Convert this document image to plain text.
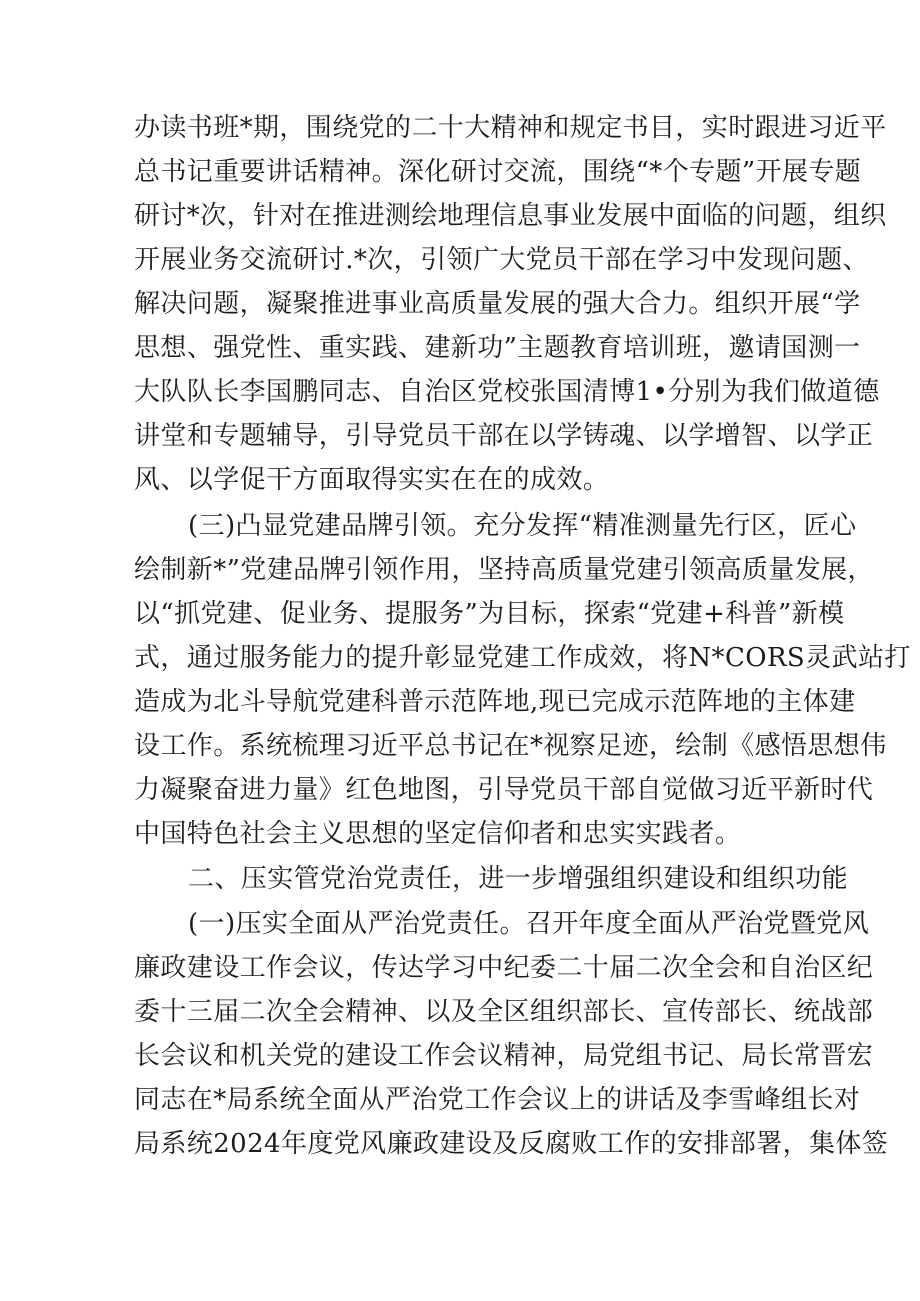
办读书班*期，围绕党的二十大精神和规定书目，实时跟进习近平
总书记重要讲话精神。深化研讨交流，围绕“*个专题”开展专题
研讨*次，针对在推进测绘地理信息事业发展中面临的问题，组织
开展业务交流研讨.*次，引领广大党员干部在学习中发现问题、
解决问题，凝聚推进事业高质量发展的强大合力。组织开展“学
思想、强党性、重实践、建新功”主题教育培训班，邀请国测一
大队队长李国鹏同志、自治区党校张国清博1•分别为我们做道德
讲堂和专题辅导，引导党员干部在以学铸魂、以学增智、以学正
风、以学促干方面取得实实在在的成效。
(三)凸显党建品牌引领。充分发挥“精准测量先行区，匠心
绘制新*”党建品牌引领作用，坚持高质量党建引领高质量发展，
以“抓党建、促业务、提服务”为目标，探索“党建+科普”新模
式，通过服务能力的提升彰显党建工作成效，将N*CORS灵武站打
造成为北斗导航党建科普示范阵地,现已完成示范阵地的主体建
设工作。系统梳理习近平总书记在*视察足迹，绘制《感悟思想伟
力凝聚奋进力量》红色地图，引导党员干部自觉做习近平新时代
中国特色社会主义思想的坚定信仰者和忠实实践者。
二、压实管党治党责任，进一步增强组织建设和组织功能
(一)压实全面从严治党责任。召开年度全面从严治党暨党风
廉政建设工作会议，传达学习中纪委二十届二次全会和自治区纪
委十三届二次全会精神、以及全区组织部长、宣传部长、统战部
长会议和机关党的建设工作会议精神，局党组书记、局长常晋宏
同志在*局系统全面从严治党工作会议上的讲话及李雪峰组长对
局系统2024年度党风廉政建设及反腐败工作的安排部署，集体签
